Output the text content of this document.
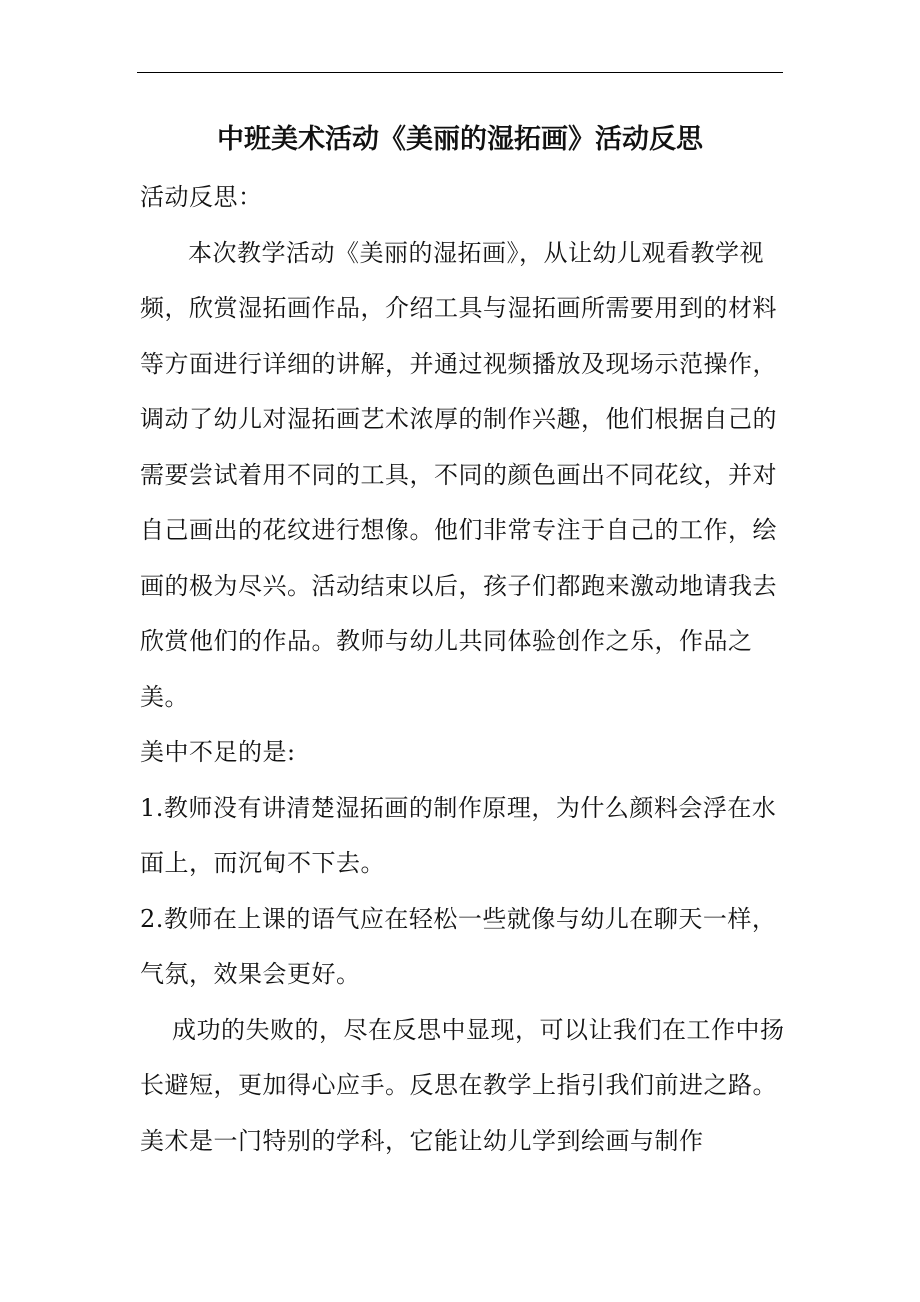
中班美术活动《美丽的湿拓画》活动反思

活动反思：

本次教学活动《美丽的湿拓画》，从让幼儿观看教学视频，欣赏湿拓画作品，介绍工具与湿拓画所需要用到的材料等方面进行详细的讲解，并通过视频播放及现场示范操作，调动了幼儿对湿拓画艺术浓厚的制作兴趣，他们根据自己的需要尝试着用不同的工具，不同的颜色画出不同花纹，并对自己画出的花纹进行想像。他们非常专注于自己的工作，绘画的极为尽兴。活动结束以后，孩子们都跑来激动地请我去欣赏他们的作品。教师与幼儿共同体验创作之乐，作品之美。

美中不足的是:

1.教师没有讲清楚湿拓画的制作原理，为什么颜料会浮在水面上，而沉甸不下去。

2.教师在上课的语气应在轻松一些就像与幼儿在聊天一样，气氛，效果会更好。

成功的失败的，尽在反思中显现，可以让我们在工作中扬长避短，更加得心应手。反思在教学上指引我们前进之路。美术是一门特别的学科，它能让幼儿学到绘画与制作
